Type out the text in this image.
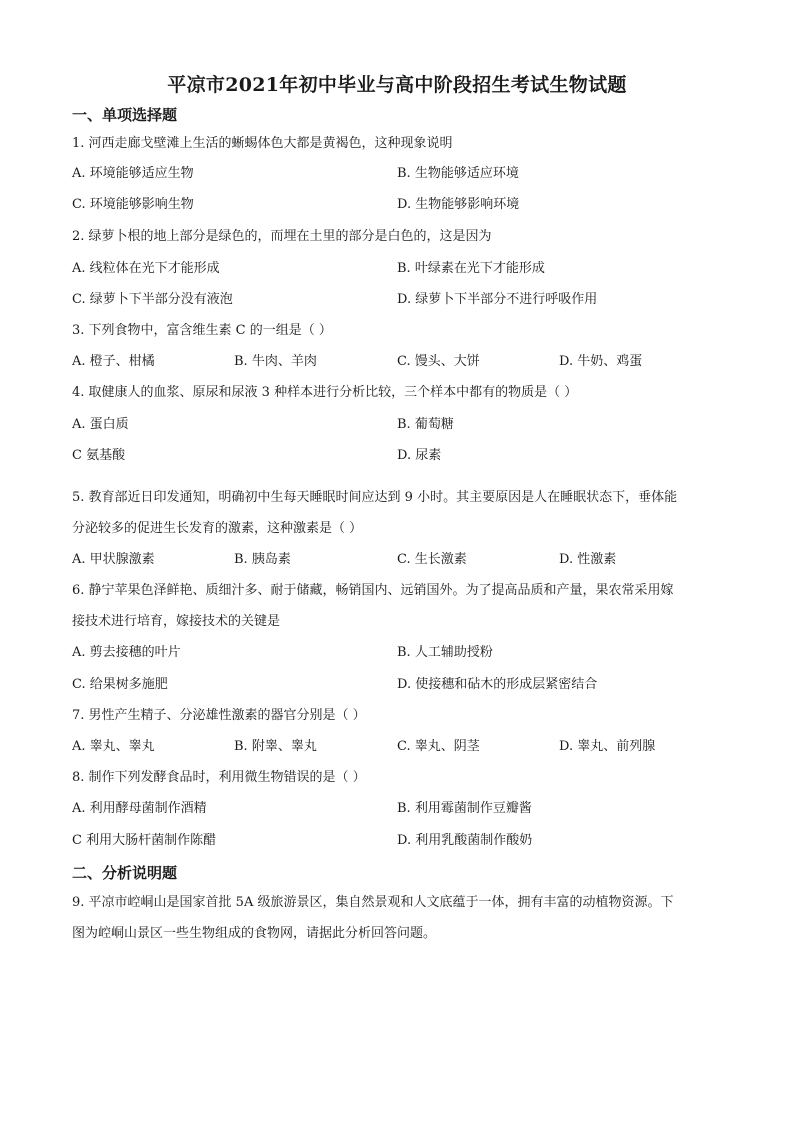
平凉市2021年初中毕业与高中阶段招生考试生物试题
一、单项选择题
1. 河西走廊戈壁滩上生活的蜥蜴体色大都是黄褐色，这种现象说明
A. 环境能够适应生物	B. 生物能够适应环境
C. 环境能够影响生物	D. 生物能够影响环境
2. 绿萝卜根的地上部分是绿色的，而埋在土里的部分是白色的，这是因为
A. 线粒体在光下才能形成	B. 叶绿素在光下才能形成
C. 绿萝卜下半部分没有液泡	D. 绿萝卜下半部分不进行呼吸作用
3. 下列食物中，富含维生素 C 的一组是（ ）
A. 橙子、柑橘	B. 牛肉、羊肉	C. 馒头、大饼	D. 牛奶、鸡蛋
4. 取健康人的血浆、原尿和尿液 3 种样本进行分析比较，三个样本中都有的物质是（ ）
A. 蛋白质	B. 葡萄糖
C 氨基酸	D. 尿素
5. 教育部近日印发通知，明确初中生每天睡眠时间应达到 9 小时。其主要原因是人在睡眠状态下，垂体能
分泌较多的促进生长发育的激素，这种激素是（ ）
A. 甲状腺激素	B. 胰岛素	C. 生长激素	D. 性激素
6. 静宁苹果色泽鲜艳、质细汁多、耐于储藏，畅销国内、远销国外。为了提高品质和产量，果农常采用嫁
接技术进行培育，嫁接技术的关键是
A. 剪去接穗的叶片	B. 人工辅助授粉
C. 给果树多施肥	D. 使接穗和砧木的形成层紧密结合
7. 男性产生精子、分泌雄性激素的器官分别是（ ）
A. 睾丸、睾丸	B. 附睾、睾丸	C. 睾丸、阴茎	D. 睾丸、前列腺
8. 制作下列发酵食品时，利用微生物错误的是（ ）
A. 利用酵母菌制作酒精	B. 利用霉菌制作豆瓣酱
C 利用大肠杆菌制作陈醋	D. 利用乳酸菌制作酸奶
二、分析说明题
9. 平凉市崆峒山是国家首批 5A 级旅游景区，集自然景观和人文底蕴于一体，拥有丰富的动植物资源。下
图为崆峒山景区一些生物组成的食物网，请据此分析回答问题。
